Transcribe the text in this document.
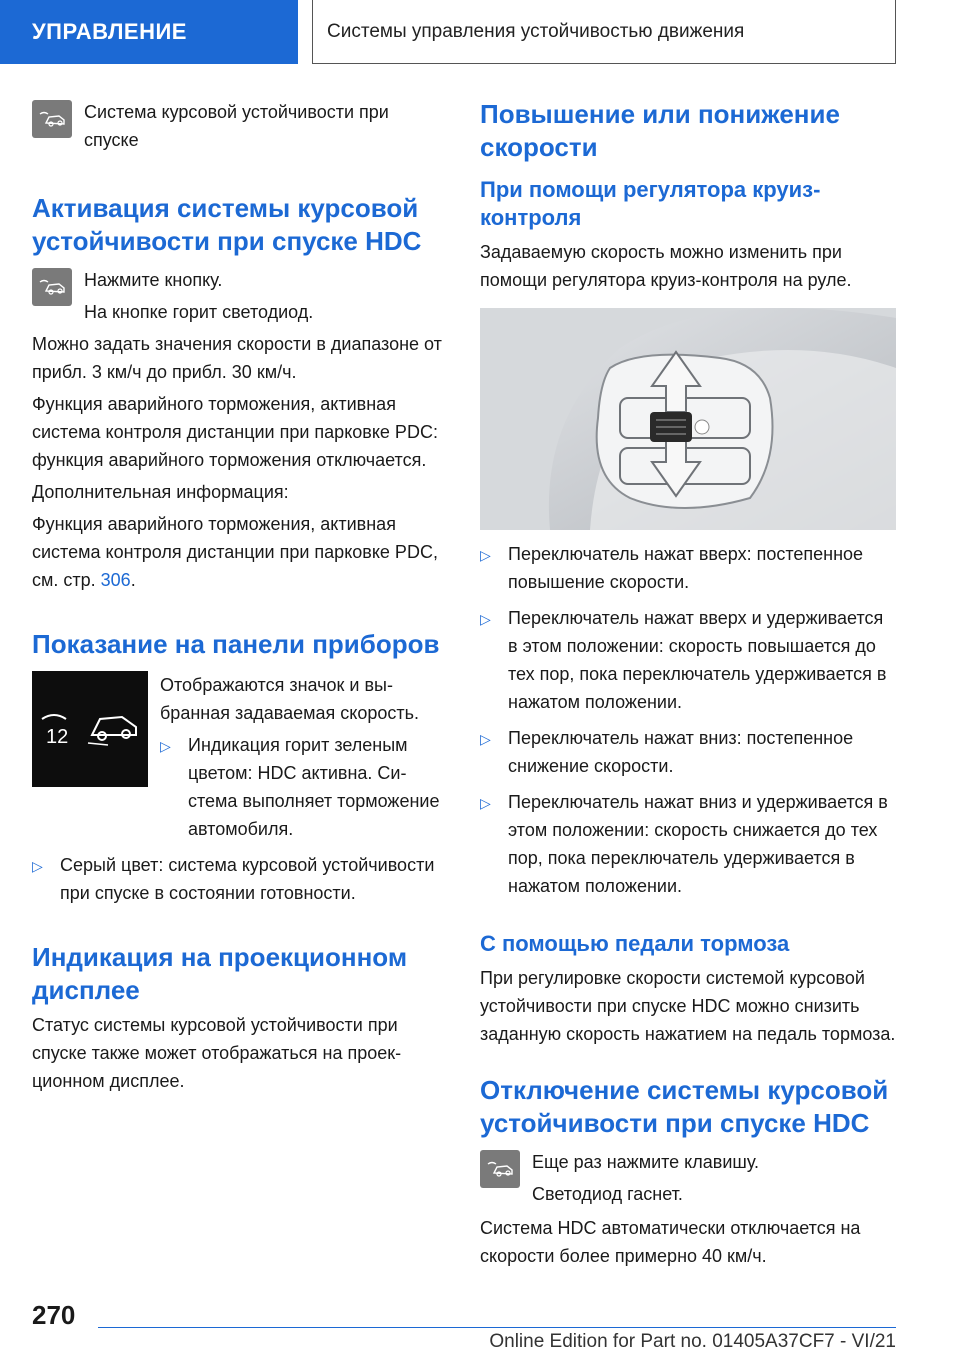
УПРАВЛЕНИЕ	Системы управления устойчивостью движения

Система курсовой устойчивости при спуске

Активация системы курсовой устойчивости при спуске HDC

Нажмите кнопку.

На кнопке горит светодиод.

Можно задать значения скорости в диапазоне от прибл. 3 км/ч до прибл. 30 км/ч.

Функция аварийного торможения, активная система контроля дистанции при парковке PDC: функция аварийного торможения отключается.

Дополнительная информация:

Функция аварийного торможения, активная система контроля дистанции при парковке PDC, см. стр. 306.

Показание на панели приборов
12

Отображаются значок и выбранная задаваемая скорость.

▷ Индикация горит зеленым цветом: HDC активна. Система выполняет торможение автомобиля.
▷ Серый цвет: система курсовой устойчивости при спуске в состоянии готовности.
Индикация на проекционном дисплее

Статус системы курсовой устойчивости при спуске также может отображаться на проекционном дисплее.

Повышение или понижение скорости
При помощи регулятора круиз-контроля

Задаваемую скорость можно изменить при помощи регулятора круиз-контроля на руле.

▷ Переключатель нажат вверх: постепенное повышение скорости.
▷ Переключатель нажат вверх и удерживается в этом положении: скорость повышается до тех пор, пока переключатель удерживается в нажатом положении.
▷ Переключатель нажат вниз: постепенное снижение скорости.
▷ Переключатель нажат вниз и удерживается в этом положении: скорость снижается до тех пор, пока переключатель удерживается в нажатом положении.
С помощью педали тормоза

При регулировке скорости системой курсовой устойчивости при спуске HDC можно снизить заданную скорость нажатием на педаль тормоза.

Отключение системы курсовой устойчивости при спуске HDC

Еще раз нажмите клавишу.

Светодиод гаснет.

Система HDC автоматически отключается на скорости более примерно 40 км/ч.

270
Online Edition for Part no. 01405A37CF7 - VI/21
